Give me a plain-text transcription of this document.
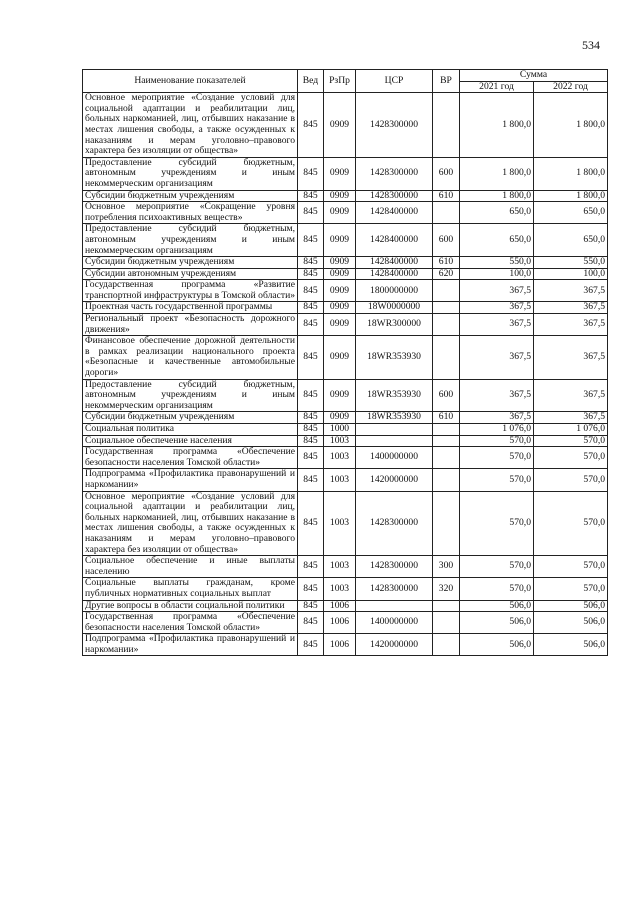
534
Наименование показателей	Вед	РзПр	ЦСР	ВР	Сумма	
					2021 год	2022 год
Основное мероприятие «Создание условий для социальной адаптации и реабилитации лиц, больных наркоманией, лиц, отбывших наказание в местах лишения свободы, а также осужденных к наказаниям и мерам уголовно–правового характера без изоляции от общества»	845	0909	1428300000		1 800,0	1 800,0
Предоставление субсидий бюджетным, автономным учреждениям и иным некоммерческим организациям	845	0909	1428300000	600	1 800,0	1 800,0
Субсидии бюджетным учреждениям	845	0909	1428300000	610	1 800,0	1 800,0
Основное мероприятие «Сокращение уровня потребления психоактивных веществ»	845	0909	1428400000		650,0	650,0
Предоставление субсидий бюджетным, автономным учреждениям и иным некоммерческим организациям	845	0909	1428400000	600	650,0	650,0
Субсидии бюджетным учреждениям	845	0909	1428400000	610	550,0	550,0
Субсидии автономным учреждениям	845	0909	1428400000	620	100,0	100,0
Государственная программа «Развитие транспортной инфраструктуры в Томской области»	845	0909	1800000000		367,5	367,5
Проектная часть государственной программы	845	0909	18W0000000		367,5	367,5
Региональный проект «Безопасность дорожного движения»	845	0909	18WR300000		367,5	367,5
Финансовое обеспечение дорожной деятельности в рамках реализации национального проекта «Безопасные и качественные автомобильные дороги»	845	0909	18WR353930		367,5	367,5
Предоставление субсидий бюджетным, автономным учреждениям и иным некоммерческим организациям	845	0909	18WR353930	600	367,5	367,5
Субсидии бюджетным учреждениям	845	0909	18WR353930	610	367,5	367,5
Социальная политика	845	1000			1 076,0	1 076,0
Социальное обеспечение населения	845	1003			570,0	570,0
Государственная программа «Обеспечение безопасности населения Томской области»	845	1003	1400000000		570,0	570,0
Подпрограмма «Профилактика правонарушений и наркомании»	845	1003	1420000000		570,0	570,0
Основное мероприятие «Создание условий для социальной адаптации и реабилитации лиц, больных наркоманией, лиц, отбывших наказание в местах лишения свободы, а также осужденных к наказаниям и мерам уголовно–правового характера без изоляции от общества»	845	1003	1428300000		570,0	570,0
Социальное обеспечение и иные выплаты населению	845	1003	1428300000	300	570,0	570,0
Социальные выплаты гражданам, кроме публичных нормативных социальных выплат	845	1003	1428300000	320	570,0	570,0
Другие вопросы в области социальной политики	845	1006			506,0	506,0
Государственная программа «Обеспечение безопасности населения Томской области»	845	1006	1400000000		506,0	506,0
Подпрограмма «Профилактика правонарушений и наркомании»	845	1006	1420000000		506,0	506,0
